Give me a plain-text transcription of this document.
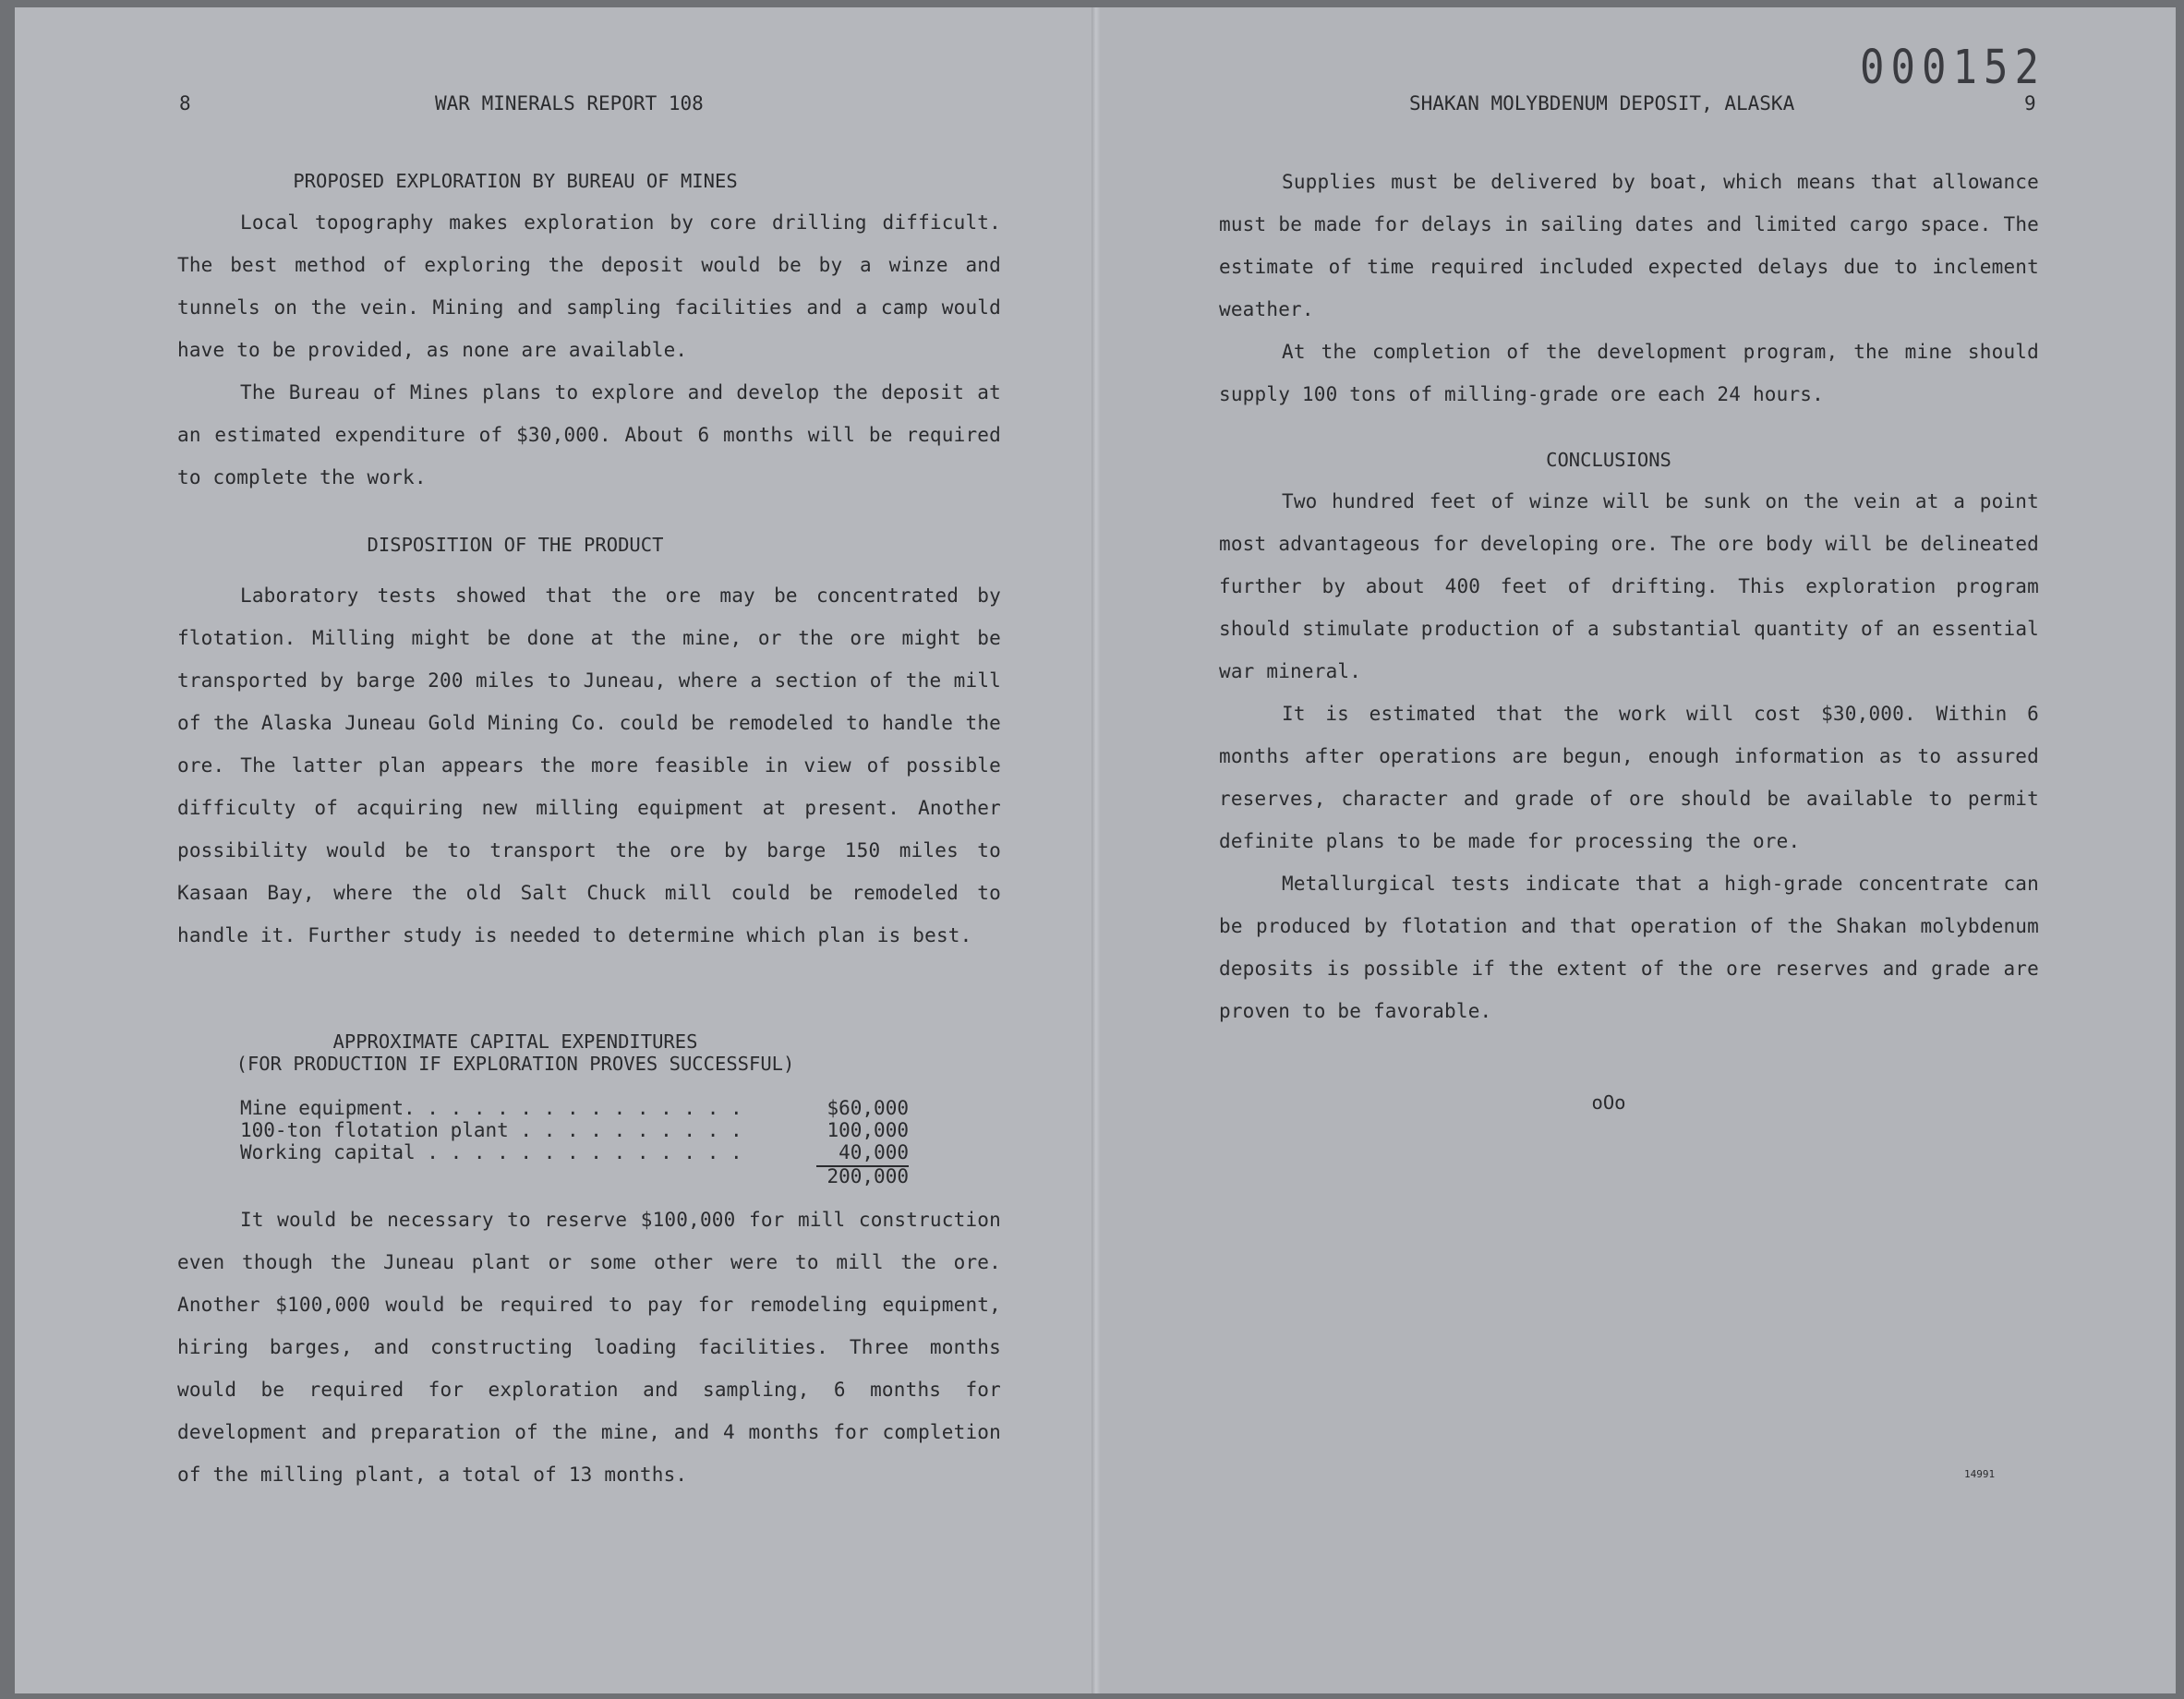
8	WAR MINERALS REPORT 108
PROPOSED EXPLORATION BY BUREAU OF MINES

Local topography makes exploration by core drilling difficult. The best method of exploring the deposit would be by a winze and tunnels on the vein. Mining and sampling facilities and a camp would have to be provided, as none are available.

The Bureau of Mines plans to explore and develop the deposit at an estimated expenditure of $30,000. About 6 months will be required to complete the work.

DISPOSITION OF THE PRODUCT

Laboratory tests showed that the ore may be concentrated by flotation. Milling might be done at the mine, or the ore might be transported by barge 200 miles to Juneau, where a section of the mill of the Alaska Juneau Gold Mining Co. could be remodeled to handle the ore. The latter plan appears the more feasible in view of possible difficulty of acquiring new milling equipment at present. Another possibility would be to transport the ore by barge 150 miles to Kasaan Bay, where the old Salt Chuck mill could be remodeled to handle it. Further study is needed to determine which plan is best.

APPROXIMATE CAPITAL EXPENDITURES
(FOR PRODUCTION IF EXPLORATION PROVES SUCCESSFUL)
Mine equipment. . . . . . . . . . . . . . .	$60,000
100-ton flotation plant . . . . . . . . . .	100,000
Working capital . . . . . . . . . . . . . .	40,000
200,000

It would be necessary to reserve $100,000 for mill construction even though the Juneau plant or some other were to mill the ore. Another $100,000 would be required to pay for remodeling equipment, hiring barges, and constructing loading facilities. Three months would be required for exploration and sampling, 6 months for development and preparation of the mine, and 4 months for completion of the milling plant, a total of 13 months.

000152
SHAKAN MOLYBDENUM DEPOSIT, ALASKA	9

Supplies must be delivered by boat, which means that allowance must be made for delays in sailing dates and limited cargo space. The estimate of time required included expected delays due to inclement weather.

At the completion of the development program, the mine should supply 100 tons of milling-grade ore each 24 hours.

CONCLUSIONS

Two hundred feet of winze will be sunk on the vein at a point most advantageous for developing ore. The ore body will be delineated further by about 400 feet of drifting. This exploration program should stimulate production of a substantial quantity of an essential war mineral.

It is estimated that the work will cost $30,000. Within 6 months after operations are begun, enough information as to assured reserves, character and grade of ore should be available to permit definite plans to be made for processing the ore.

Metallurgical tests indicate that a high-grade concentrate can be produced by flotation and that operation of the Shakan molybdenum deposits is possible if the extent of the ore reserves and grade are proven to be favorable.

oOo
14991
